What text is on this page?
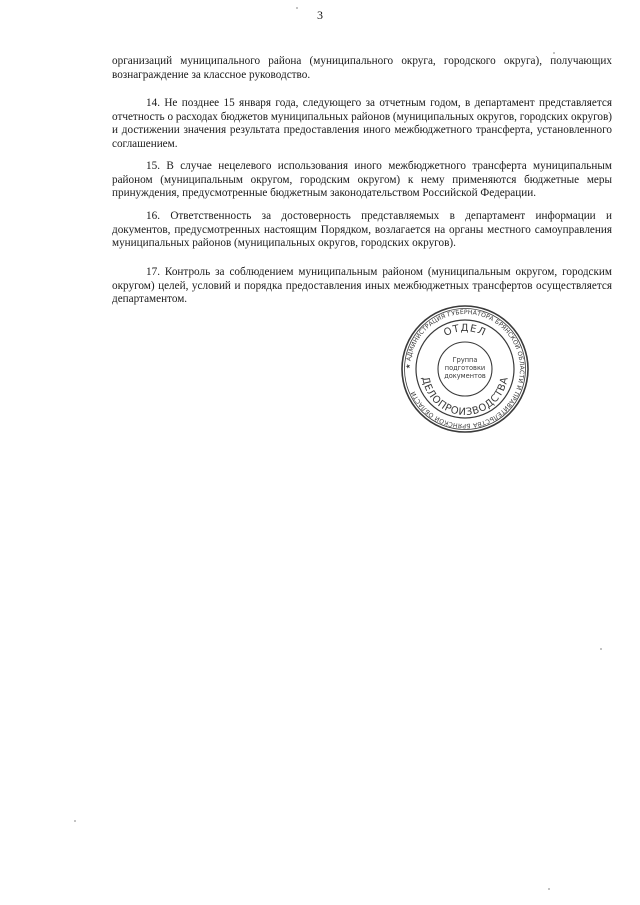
3

организаций муниципального района (муниципального округа, городского округа), получающих вознаграждение за классное руководство.

14. Не позднее 15 января года, следующего за отчетным годом, в департамент представляется отчетность о расходах бюджетов муниципальных районов (муниципальных округов, городских округов) и достижении значения результата предоставления иного межбюджетного трансферта, установленного соглашением.

15. В случае нецелевого использования иного межбюджетного трансферта муниципальным районом (муниципальным округом, городским округом) к нему применяются бюджетные меры принуждения, предусмотренные бюджетным законодательством Российской Федерации.

16. Ответственность за достоверность представляемых в департамент информации и документов, предусмотренных настоящим Порядком, возлагается на органы местного самоуправления муниципальных районов (муниципальных округов, городских округов).

17. Контроль за соблюдением муниципальным районом (муниципальным округом, городским округом) целей, условий и порядка предоставления иных межбюджетных трансфертов осуществляется департаментом.

★ АДМИНИСТРАЦИЯ ГУБЕРНАТОРА БРЯНСКОЙ ОБЛАСТИ И ПРАВИТЕЛЬСТВА БРЯНСКОЙ ОБЛАСТИ
ОТДЕЛ
ДЕЛОПРОИЗВОДСТВА
Группа
подготовки
документов
